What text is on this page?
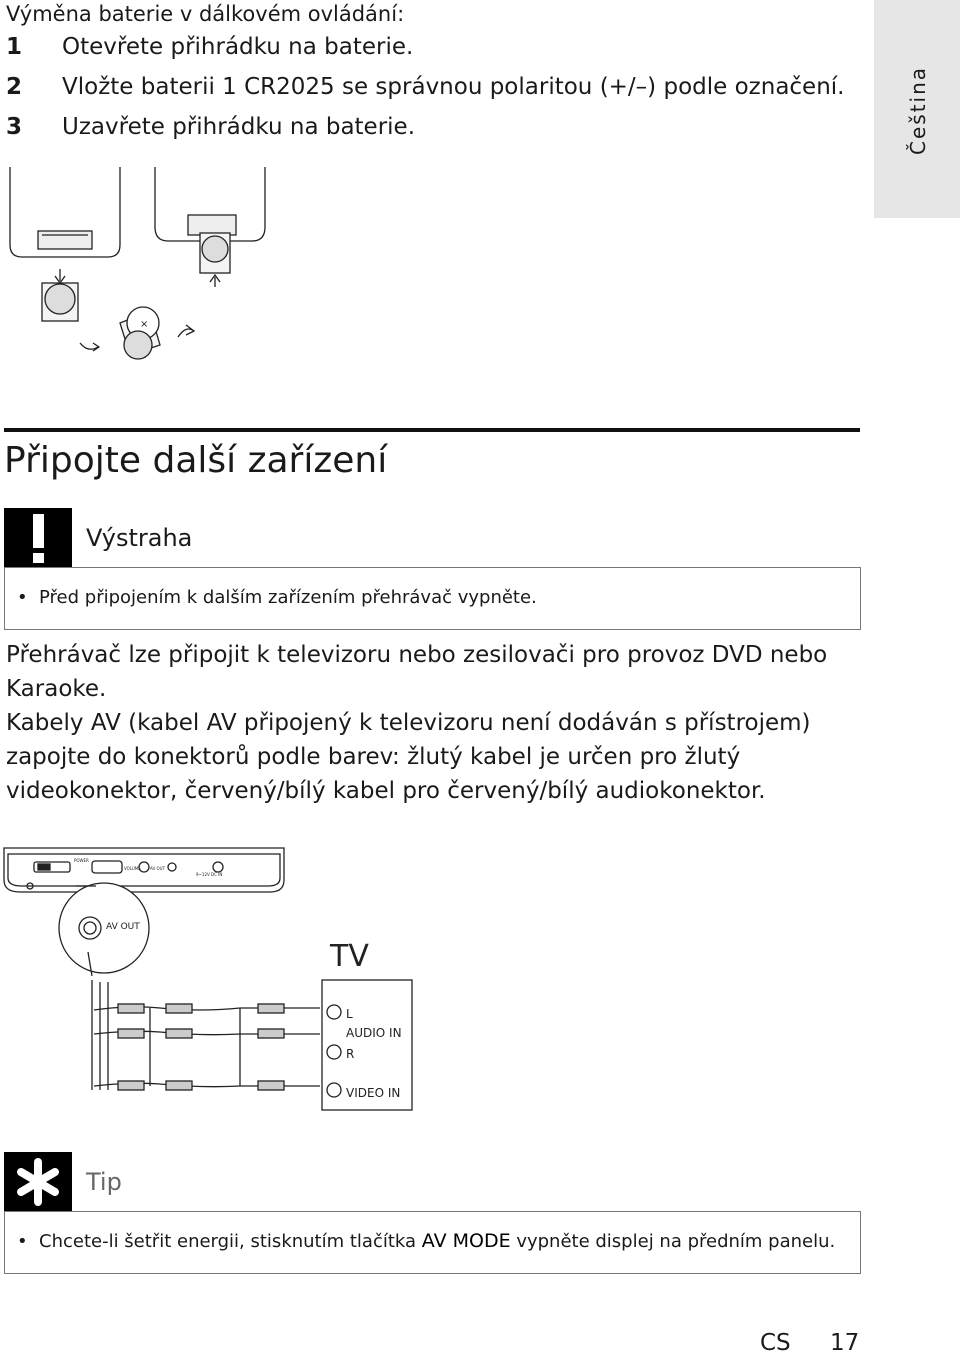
Výměna baterie v dálkovém ovládání:
1 Otevřete přihrádku na baterie.
2 Vložte baterii 1 CR2025 se správnou polaritou (+/–) podle označení.
3 Uzavřete přihrádku na baterie.	Čeština
×
Připojte další zařízení
Výstraha
• Před připojením k dalším zařízením přehrávač vypněte.

Přehrávač lze připojit k televizoru nebo zesilovači pro provoz DVD nebo Karaoke.

Kabely AV (kabel AV připojený k televizoru není dodáván s přístrojem) zapojte do konektorů podle barev: žlutý kabel je určen pro žlutý videokonektor, červený/bílý kabel pro červený/bílý audiokonektor.

POWER
VOLUME AV OUT
9~12V DC IN
AV OUT
TV
L
AUDIO IN
R
VIDEO IN
Tip
• Chcete-li šetřit energii, stisknutím tlačítka AV MODE vypněte displej na předním panelu.
CS 17
